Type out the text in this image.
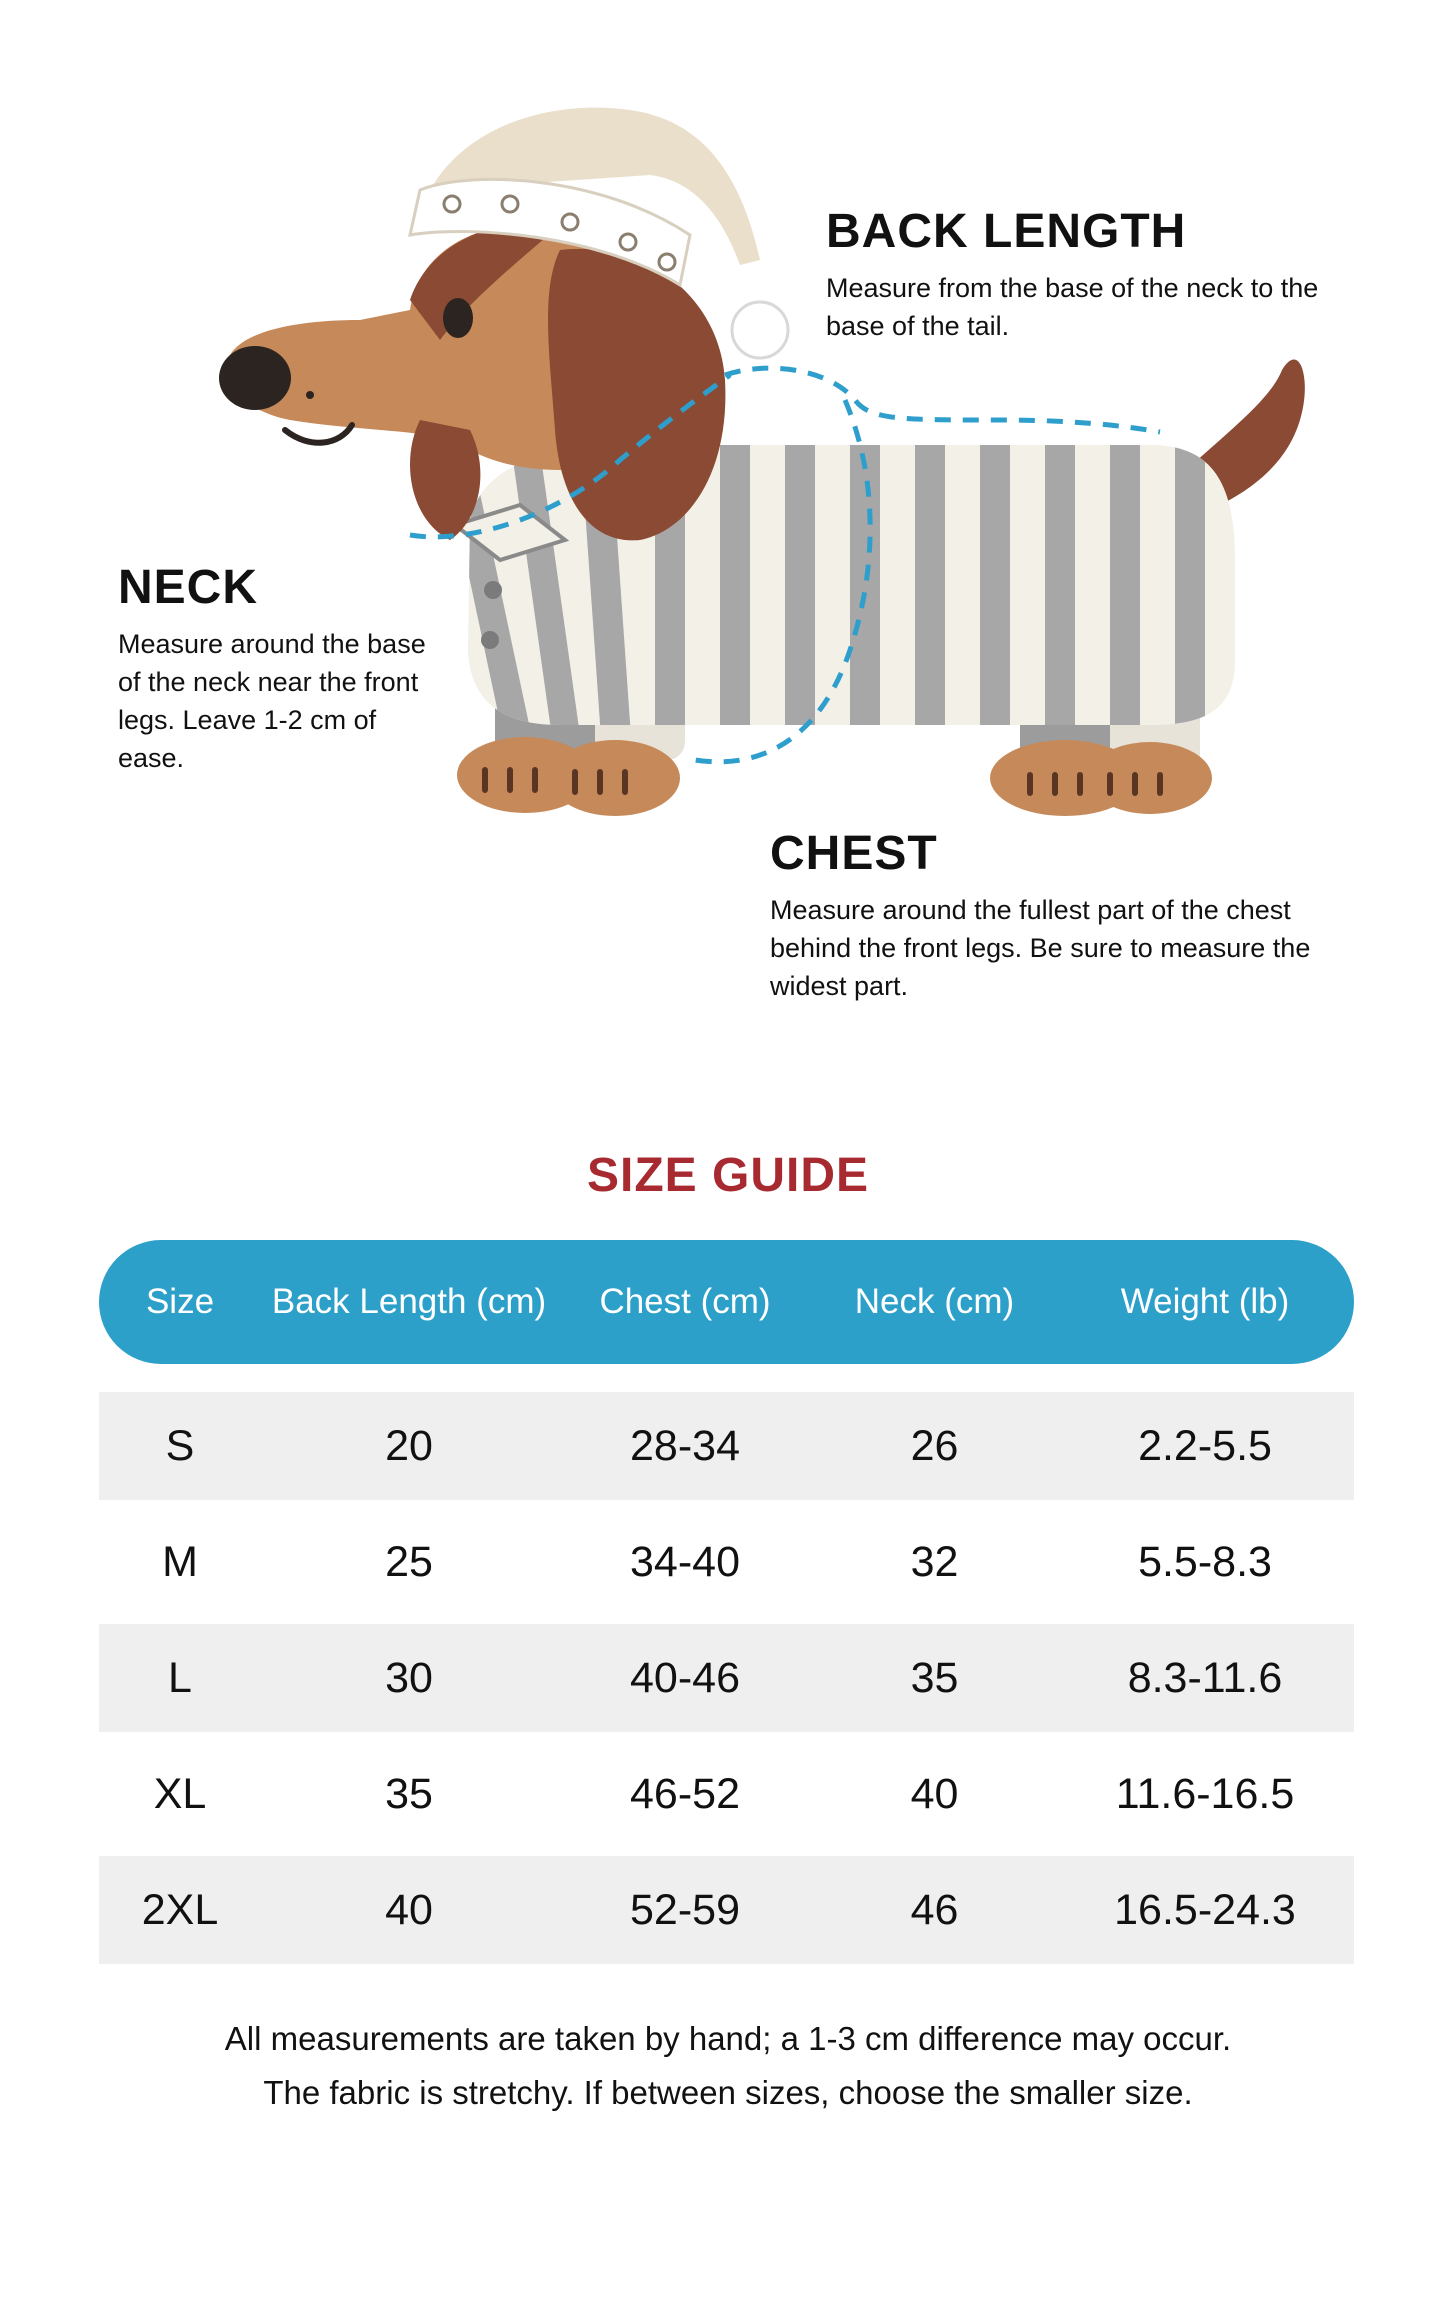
BACK LENGTH

Measure from the base of the neck to the base of the tail.

NECK

Measure around the base of the neck near the front legs. Leave 1-2 cm of ease.

CHEST

Measure around the fullest part of the chest behind the front legs. Be sure to measure the widest part.

SIZE GUIDE
Size	Back Length (cm)	Chest (cm)	Neck (cm)	Weight (lb)
S	20	28-34	26	2.2-5.5
M	25	34-40	32	5.5-8.3
L	30	40-46	35	8.3-11.6
XL	35	46-52	40	11.6-16.5
2XL	40	52-59	46	16.5-24.3
All measurements are taken by hand; a 1-3 cm difference may occur.
The fabric is stretchy. If between sizes, choose the smaller size.
